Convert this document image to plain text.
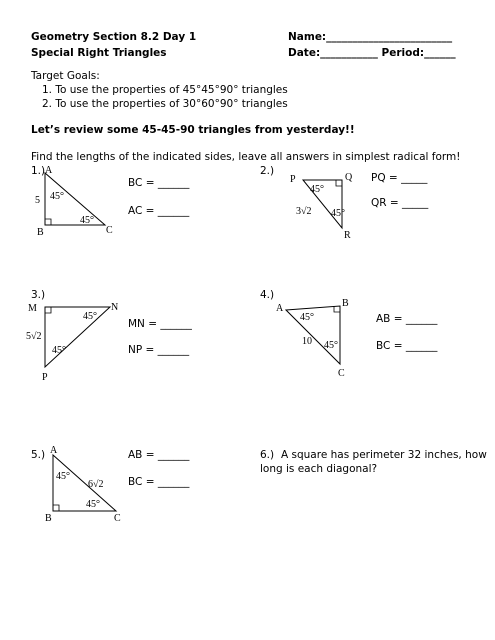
Geometry Section 8.2 Day 1
Special Right Triangles
Name:________________________
Date:___________ Period:______
Target Goals:
1. To use the properties of 45°45°90° triangles
2. To use the properties of 30°60°90° triangles
Let’s review some 45-45-90 triangles from yesterday!!
Find the lengths of the indicated sides, leave all answers in simplest radical form!
1.) A
B	C
5 45°
45°
BC = ______
AC = ______
2.)
P	Q
R
3√2
45°
45°
PQ = _____
QR = _____
3.)
M	N
P
5√2
45°
45°
MN = ______
NP = ______
4.)
A	B
C
10
45°
45°
AB = ______
BC = ______
5.) A
B	C
6√2
45°
45°
AB = ______
BC = ______
6.) A square has perimeter 32 inches, how
long is each diagonal?
